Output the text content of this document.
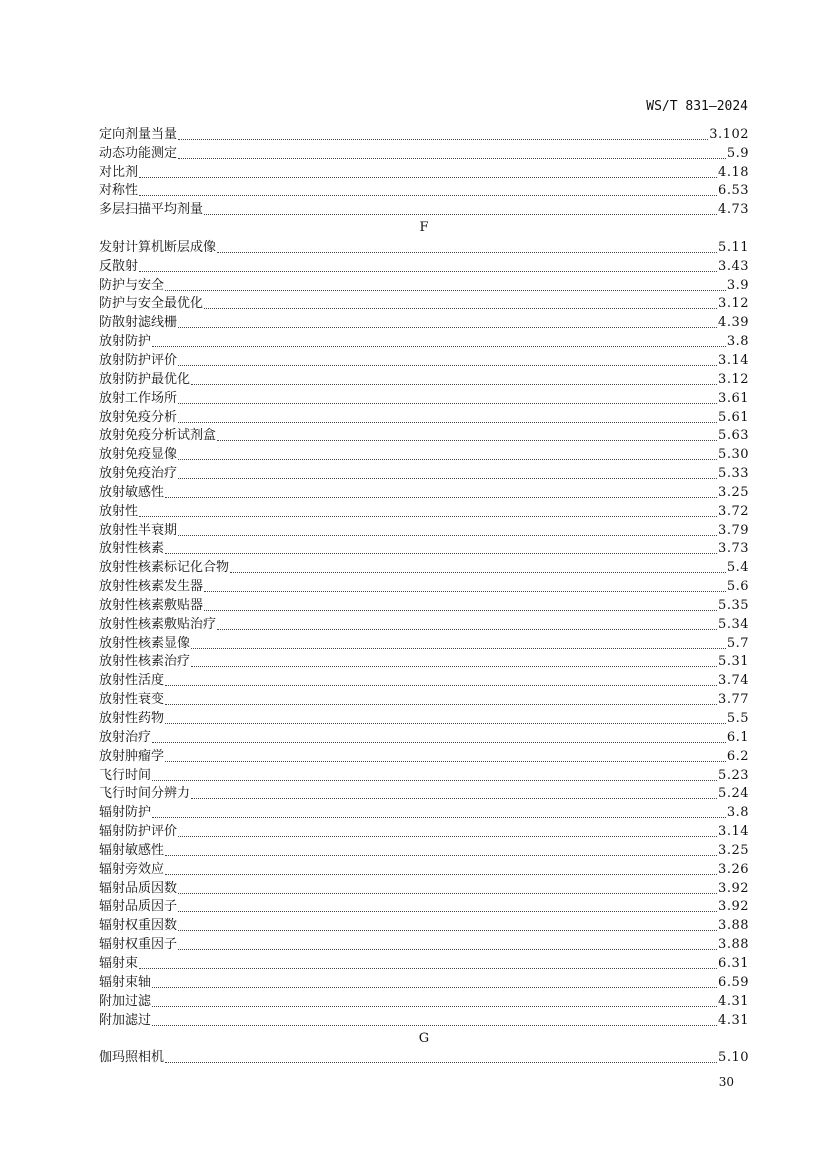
WS/T 831—2024
定向剂量当量	3.102
动态功能测定	5.9
对比剂	4.18
对称性	6.53
多层扫描平均剂量	4.73
F
发射计算机断层成像	5.11
反散射	3.43
防护与安全	3.9
防护与安全最优化	3.12
防散射滤线栅	4.39
放射防护	3.8
放射防护评价	3.14
放射防护最优化	3.12
放射工作场所	3.61
放射免疫分析	5.61
放射免疫分析试剂盒	5.63
放射免疫显像	5.30
放射免疫治疗	5.33
放射敏感性	3.25
放射性	3.72
放射性半衰期	3.79
放射性核素	3.73
放射性核素标记化合物	5.4
放射性核素发生器	5.6
放射性核素敷贴器	5.35
放射性核素敷贴治疗	5.34
放射性核素显像	5.7
放射性核素治疗	5.31
放射性活度	3.74
放射性衰变	3.77
放射性药物	5.5
放射治疗	6.1
放射肿瘤学	6.2
飞行时间	5.23
飞行时间分辨力	5.24
辐射防护	3.8
辐射防护评价	3.14
辐射敏感性	3.25
辐射旁效应	3.26
辐射品质因数	3.92
辐射品质因子	3.92
辐射权重因数	3.88
辐射权重因子	3.88
辐射束	6.31
辐射束轴	6.59
附加过滤	4.31
附加滤过	4.31
G
伽玛照相机	5.10
30
